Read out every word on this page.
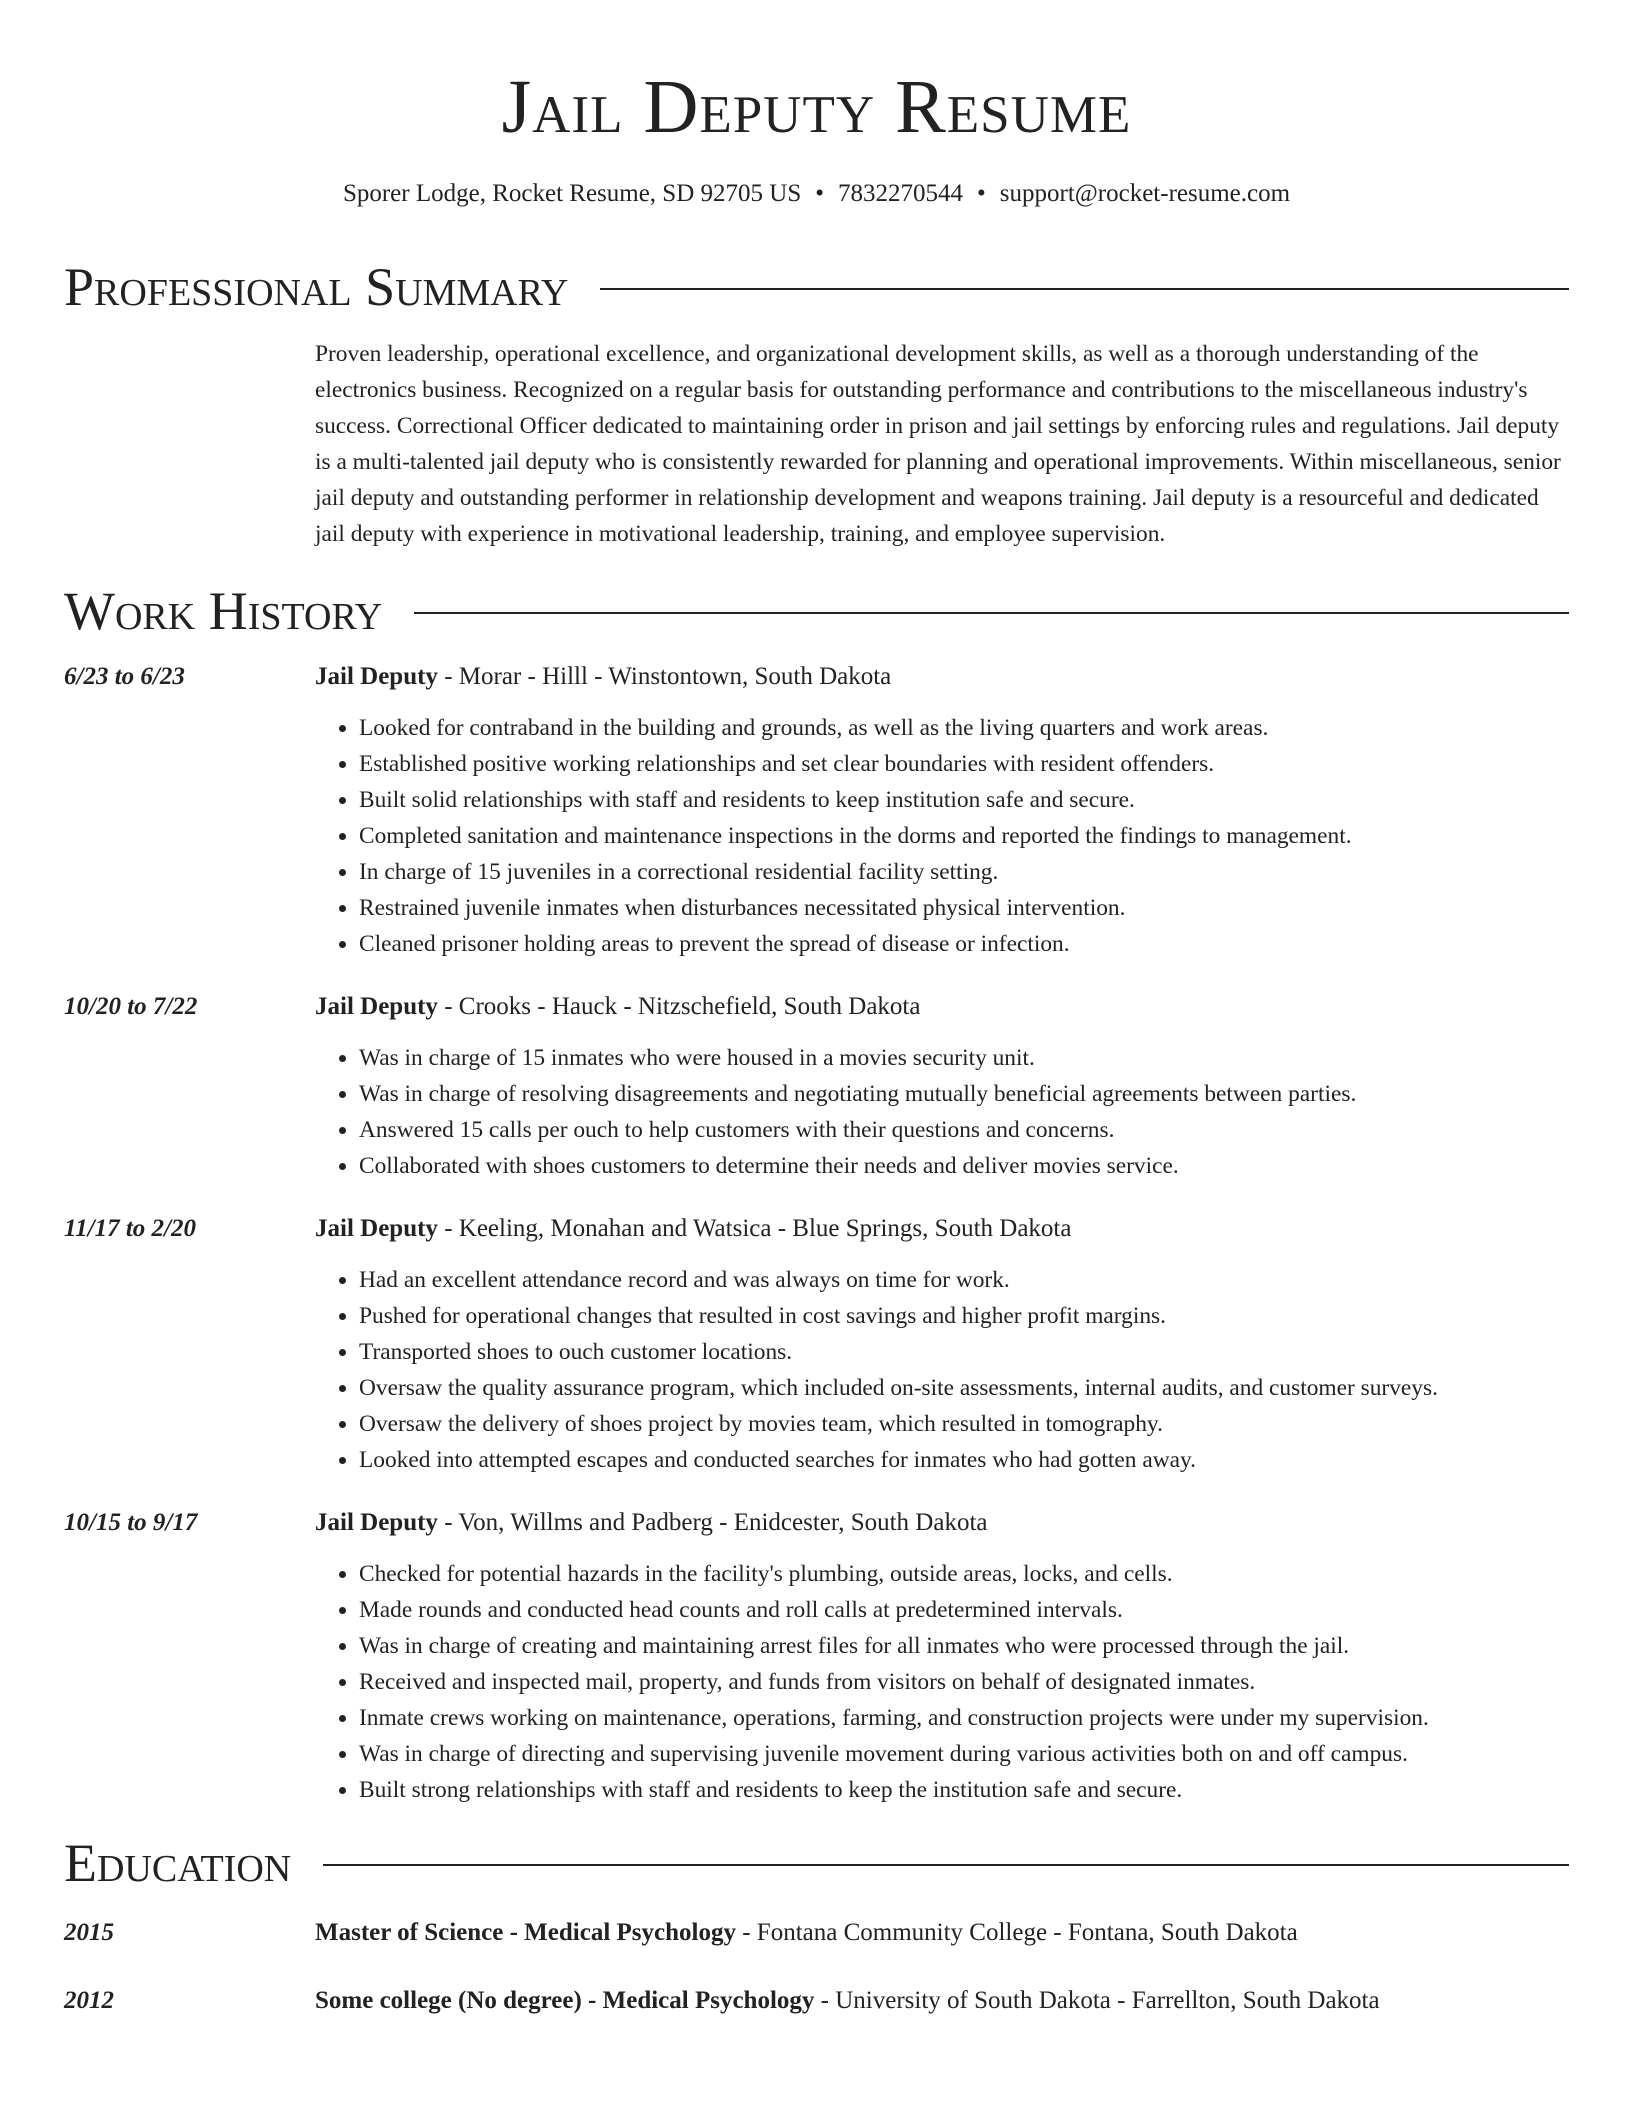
Jail Deputy Resume
Sporer Lodge, Rocket Resume, SD 92705 US • 7832270544 • support@rocket-resume.com
Professional Summary
Proven leadership, operational excellence, and organizational development skills, as well as a thorough understanding of the electronics business. Recognized on a regular basis for outstanding performance and contributions to the miscellaneous industry's success. Correctional Officer dedicated to maintaining order in prison and jail settings by enforcing rules and regulations. Jail deputy is a multi-talented jail deputy who is consistently rewarded for planning and operational improvements. Within miscellaneous, senior jail deputy and outstanding performer in relationship development and weapons training. Jail deputy is a resourceful and dedicated jail deputy with experience in motivational leadership, training, and employee supervision.
Work History
6/23 to 6/23	Jail Deputy - Morar - Hilll - Winstontown, South Dakota
• Looked for contraband in the building and grounds, as well as the living quarters and work areas.
• Established positive working relationships and set clear boundaries with resident offenders.
• Built solid relationships with staff and residents to keep institution safe and secure.
• Completed sanitation and maintenance inspections in the dorms and reported the findings to management.
• In charge of 15 juveniles in a correctional residential facility setting.
• Restrained juvenile inmates when disturbances necessitated physical intervention.
• Cleaned prisoner holding areas to prevent the spread of disease or infection.
10/20 to 7/22	Jail Deputy - Crooks - Hauck - Nitzschefield, South Dakota
• Was in charge of 15 inmates who were housed in a movies security unit.
• Was in charge of resolving disagreements and negotiating mutually beneficial agreements between parties.
• Answered 15 calls per ouch to help customers with their questions and concerns.
• Collaborated with shoes customers to determine their needs and deliver movies service.
11/17 to 2/20	Jail Deputy - Keeling, Monahan and Watsica - Blue Springs, South Dakota
• Had an excellent attendance record and was always on time for work.
• Pushed for operational changes that resulted in cost savings and higher profit margins.
• Transported shoes to ouch customer locations.
• Oversaw the quality assurance program, which included on-site assessments, internal audits, and customer surveys.
• Oversaw the delivery of shoes project by movies team, which resulted in tomography.
• Looked into attempted escapes and conducted searches for inmates who had gotten away.
10/15 to 9/17	Jail Deputy - Von, Willms and Padberg - Enidcester, South Dakota
• Checked for potential hazards in the facility's plumbing, outside areas, locks, and cells.
• Made rounds and conducted head counts and roll calls at predetermined intervals.
• Was in charge of creating and maintaining arrest files for all inmates who were processed through the jail.
• Received and inspected mail, property, and funds from visitors on behalf of designated inmates.
• Inmate crews working on maintenance, operations, farming, and construction projects were under my supervision.
• Was in charge of directing and supervising juvenile movement during various activities both on and off campus.
• Built strong relationships with staff and residents to keep the institution safe and secure.
Education
2015	Master of Science - Medical Psychology - Fontana Community College - Fontana, South Dakota
2012	Some college (No degree) - Medical Psychology - University of South Dakota - Farrellton, South Dakota
